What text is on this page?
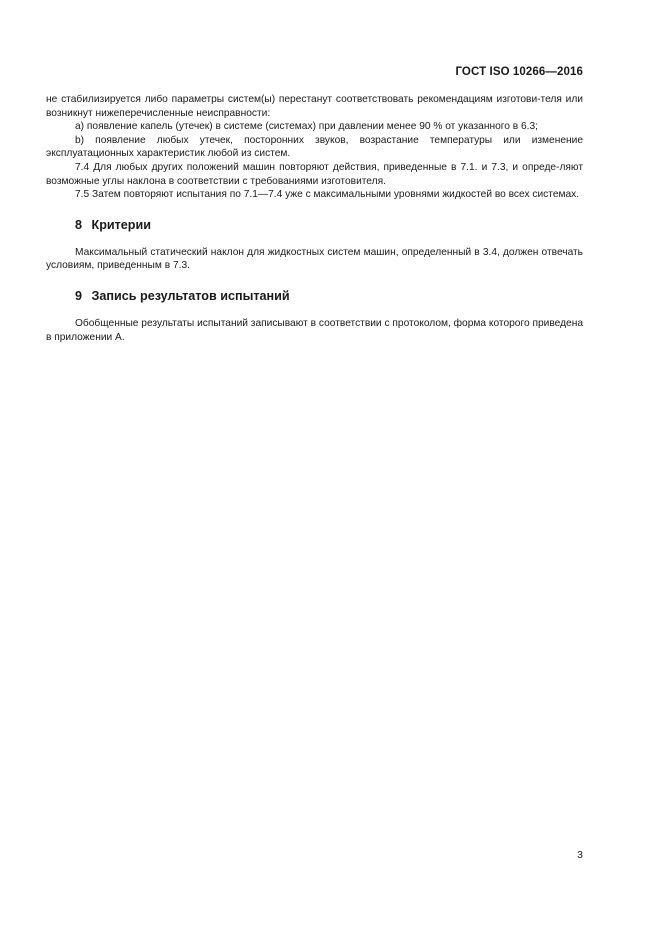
ГОСТ ISO 10266—2016

не стабилизируется либо параметры систем(ы) перестанут соответствовать рекомендациям изготови-теля или возникнут нижеперечисленные неисправности:

а) появление капель (утечек) в системе (системах) при давлении менее 90 % от указанного в 6.3;

b) появление любых утечек, посторонних звуков, возрастание температуры или изменение эксплуатационных характеристик любой из систем.

7.4 Для любых других положений машин повторяют действия, приведенные в 7.1. и 7.3, и опреде-ляют возможные углы наклона в соответствии с требованиями изготовителя.

7.5 Затем повторяют испытания по 7.1—7.4 уже с максимальными уровнями жидкостей во всех системах.

8 Критерии

Максимальный статический наклон для жидкостных систем машин, определенный в 3.4, должен отвечать условиям, приведенным в 7.3.

9 Запись результатов испытаний

Обобщенные результаты испытаний записывают в соответствии с протоколом, форма которого приведена в приложении А.

3
